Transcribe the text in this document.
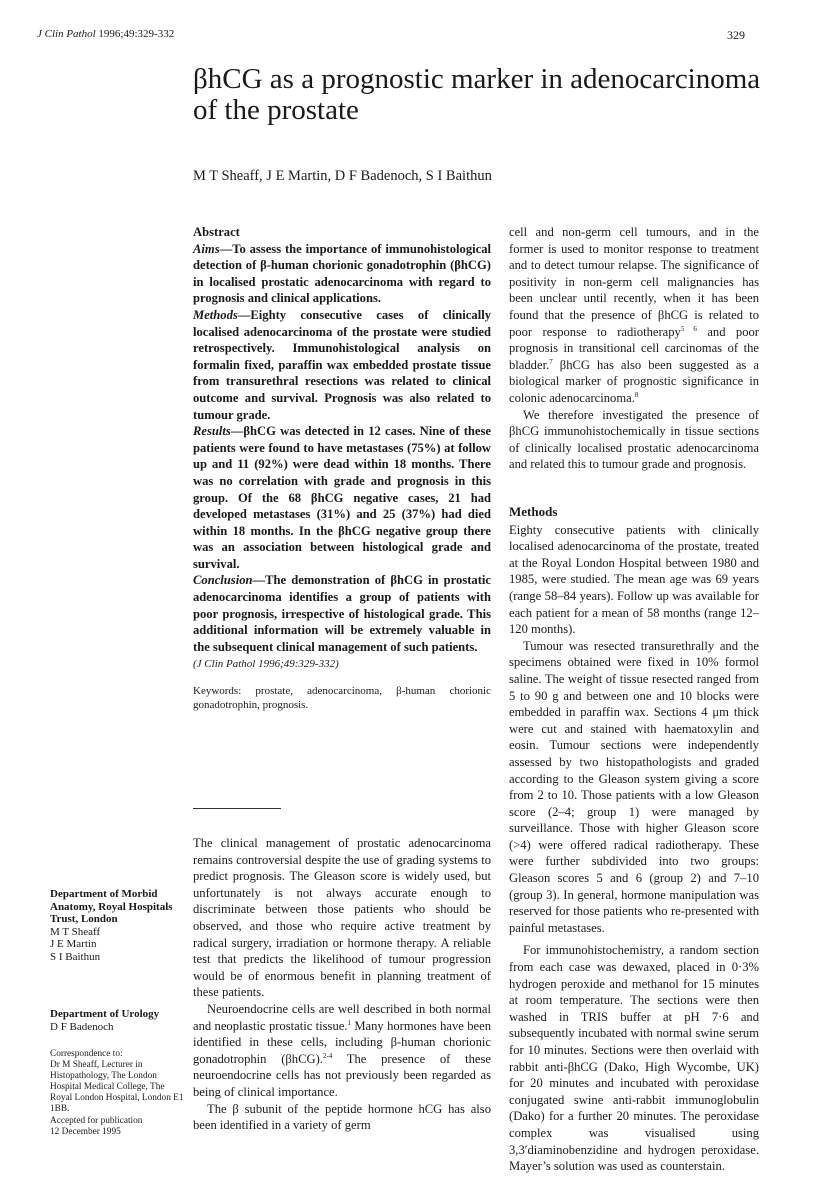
J Clin Pathol 1996;49:329-332	329
βhCG as a prognostic marker in adenocarcinoma of the prostate
M T Sheaff, J E Martin, D F Badenoch, S I Baithun

Abstract

Aims—To assess the importance of immunohistological detection of β-human chorionic gonadotrophin (βhCG) in localised prostatic adenocarcinoma with regard to prognosis and clinical applications.

Methods—Eighty consecutive cases of clinically localised adenocarcinoma of the prostate were studied retrospectively. Immunohistological analysis on formalin fixed, paraffin wax embedded prostate tissue from transurethral resections was related to clinical outcome and survival. Prognosis was also related to tumour grade.

Results—βhCG was detected in 12 cases. Nine of these patients were found to have metastases (75%) at follow up and 11 (92%) were dead within 18 months. There was no correlation with grade and prognosis in this group. Of the 68 βhCG negative cases, 21 had developed metastases (31%) and 25 (37%) had died within 18 months. In the βhCG negative group there was an association between histological grade and survival.

Conclusion—The demonstration of βhCG in prostatic adenocarcinoma identifies a group of patients with poor prognosis, irrespective of histological grade. This additional information will be extremely valuable in the subsequent clinical management of such patients.

(J Clin Pathol 1996;49:329-332)

Keywords: prostate, adenocarcinoma, β-human chorionic gonadotrophin, prognosis.

The clinical management of prostatic adenocarcinoma remains controversial despite the use of grading systems to predict prognosis. The Gleason score is widely used, but unfortunately is not always accurate enough to discriminate between those patients who should be observed, and those who require active treatment by radical surgery, irradiation or hormone therapy. A reliable test that predicts the likelihood of tumour progression would be of enormous benefit in planning treatment of these patients.

Neuroendocrine cells are well described in both normal and neoplastic prostatic tissue.$^1$ Many hormones have been identified in these cells, including β-human chorionic gonadotrophin (βhCG).$^{2-4}$ The presence of these neuroendocrine cells has not previously been regarded as being of clinical importance.

The β subunit of the peptide hormone hCG has also been identified in a variety of germ

cell and non-germ cell tumours, and in the former is used to monitor response to treatment and to detect tumour relapse. The significance of positivity in non-germ cell malignancies has been unclear until recently, when it has been found that the presence of βhCG is related to poor response to radiotherapy$^{5 6}$ and poor prognosis in transitional cell carcinomas of the bladder.$^7$ βhCG has also been suggested as a biological marker of prognostic significance in colonic adenocarcinoma.$^8$

We therefore investigated the presence of βhCG immunohistochemically in tissue sections of clinically localised prostatic adenocarcinoma and related this to tumour grade and prognosis.

Methods

Eighty consecutive patients with clinically localised adenocarcinoma of the prostate, treated at the Royal London Hospital between 1980 and 1985, were studied. The mean age was 69 years (range 58–84 years). Follow up was available for each patient for a mean of 58 months (range 12–120 months).

Tumour was resected transurethrally and the specimens obtained were fixed in 10% formol saline. The weight of tissue resected ranged from 5 to 90 g and between one and 10 blocks were embedded in paraffin wax. Sections 4 μm thick were cut and stained with haematoxylin and eosin. Tumour sections were independently assessed by two histopathologists and graded according to the Gleason system giving a score from 2 to 10. Those patients with a low Gleason score (2–4; group 1) were managed by surveillance. Those with higher Gleason score (>4) were offered radical radiotherapy. These were further subdivided into two groups: Gleason scores 5 and 6 (group 2) and 7–10 (group 3). In general, hormone manipulation was reserved for those patients who re-presented with painful metastases.

For immunohistochemistry, a random section from each case was dewaxed, placed in 0·3% hydrogen peroxide and methanol for 15 minutes at room temperature. The sections were then washed in TRIS buffer at pH 7·6 and subsequently incubated with normal swine serum for 10 minutes. Sections were then overlaid with rabbit anti-βhCG (Dako, High Wycombe, UK) for 20 minutes and incubated with peroxidase conjugated swine anti-rabbit immunoglobulin (Dako) for a further 20 minutes. The peroxidase complex was visualised using 3,3′diaminobenzidine and hydrogen peroxidase. Mayer’s solution was used as counterstain.

Department of Morbid Anatomy, Royal Hospitals Trust, London
M T Sheaff
J E Martin
S I Baithun
Department of Urology
D F Badenoch
Correspondence to:
Dr M Sheaff, Lecturer in Histopathology, The London Hospital Medical College, The Royal London Hospital, London E1 1BB.
Accepted for publication
12 December 1995
